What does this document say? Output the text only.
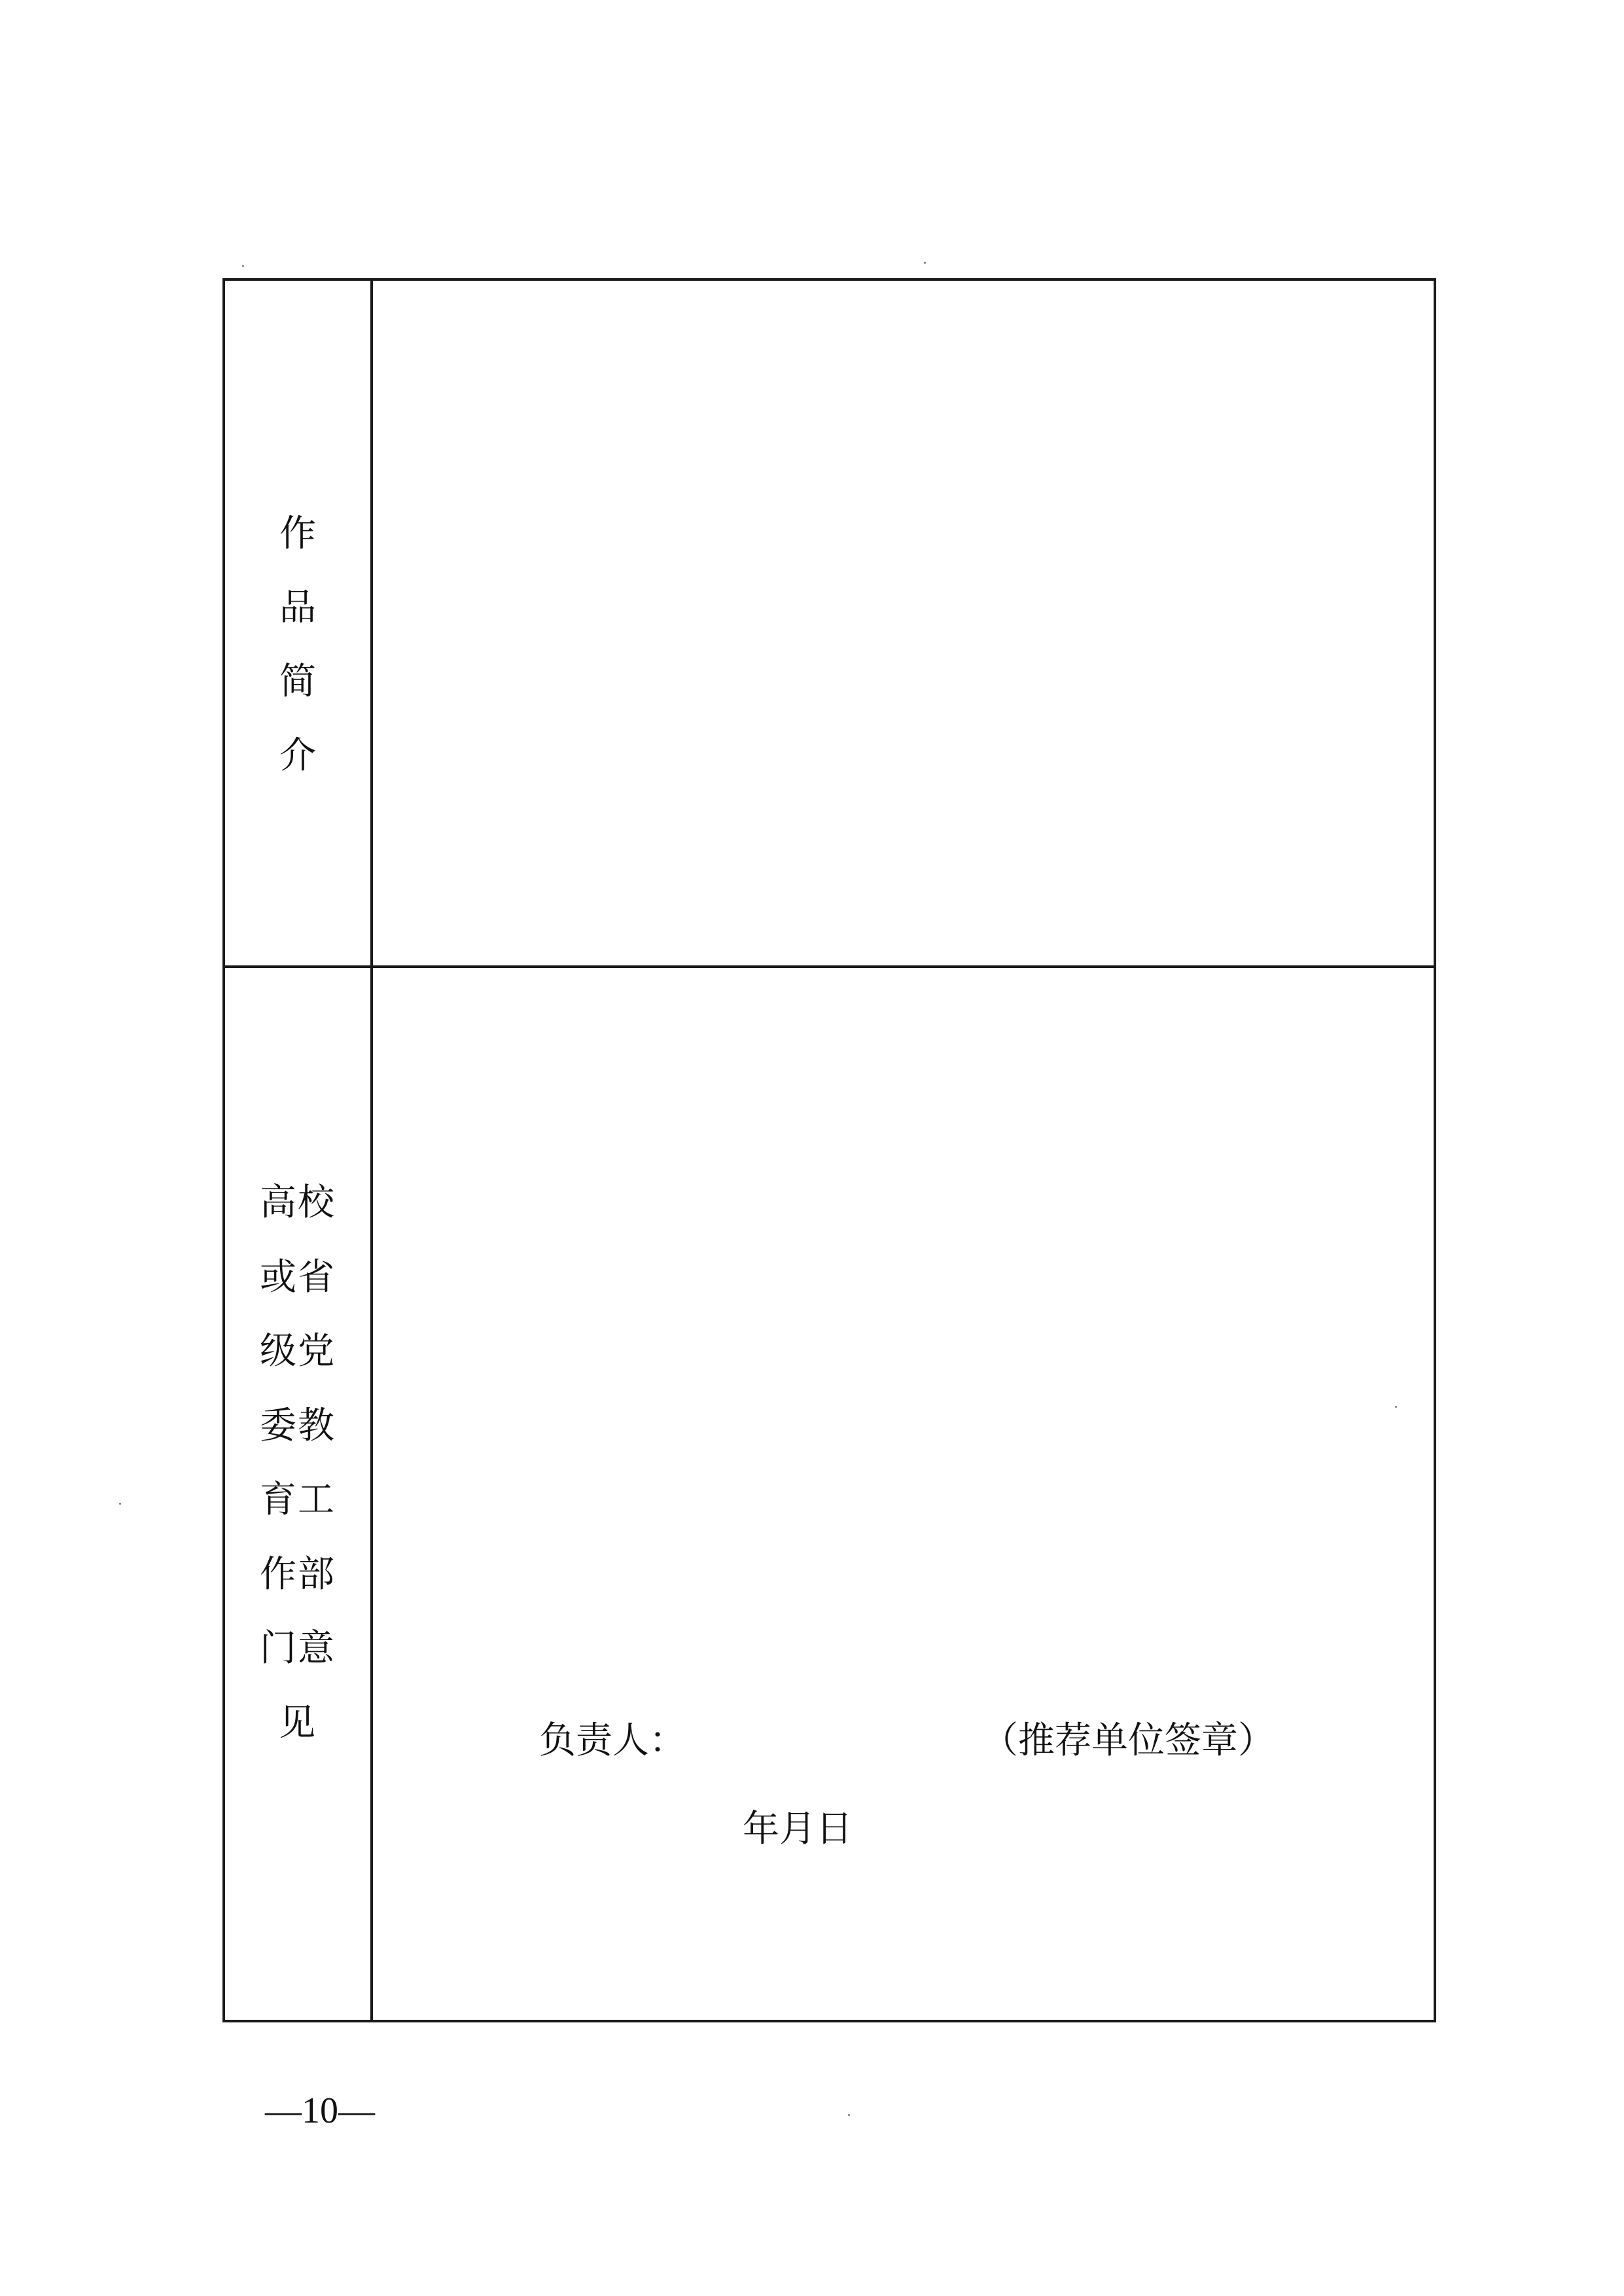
作
品
简
介
高校
或省
级党
委教
育工
作部
门意
见	负责人：	（推荐单位签章）
年月日
—10—
